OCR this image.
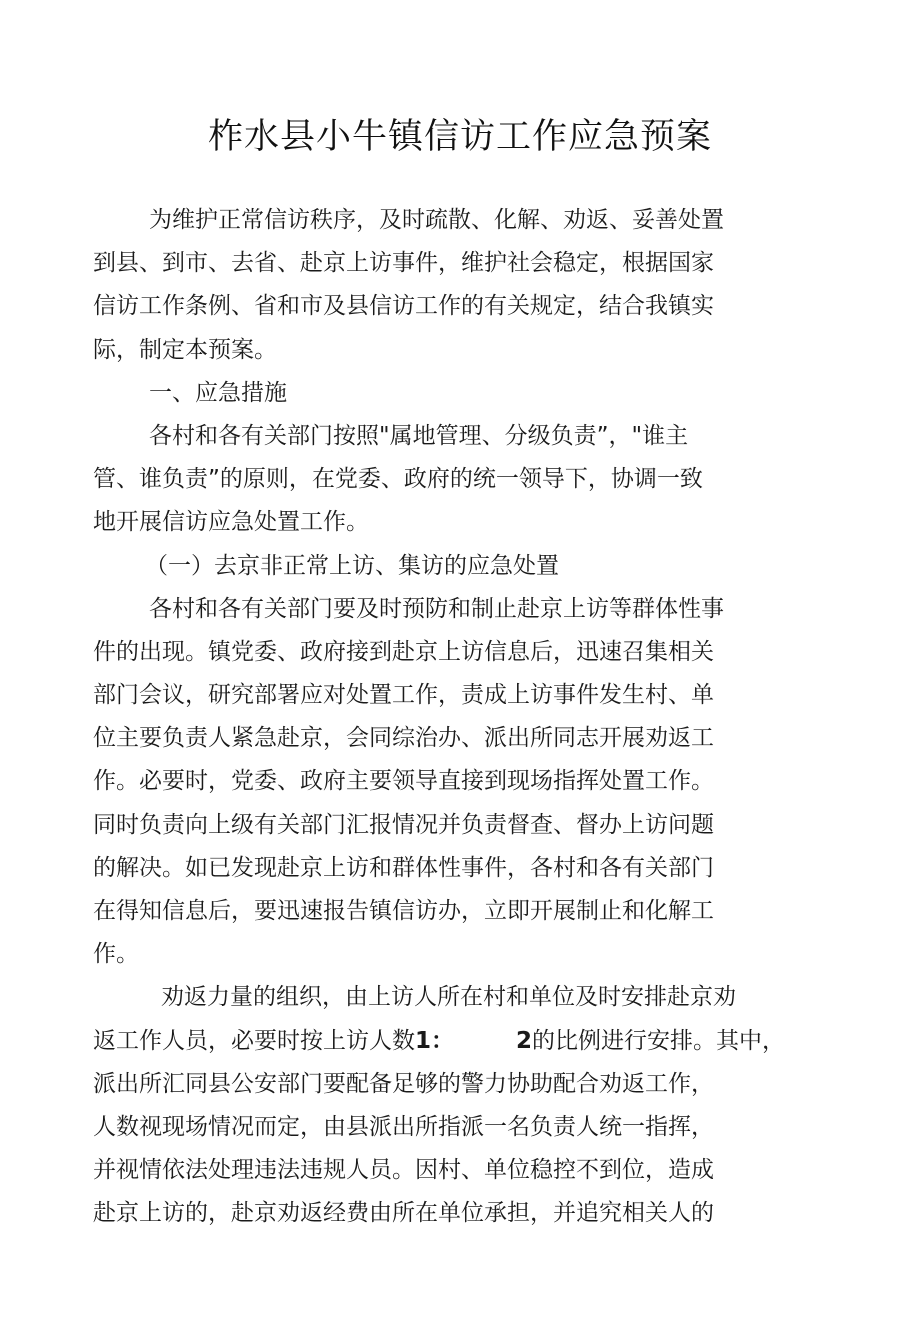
柞水县小牛镇信访工作应急预案
为维护正常信访秩序，及时疏散、化解、劝返、妥善处置
到县、到市、去省、赴京上访事件，维护社会稳定，根据国家
信访工作条例、省和市及县信访工作的有关规定，结合我镇实
际，制定本预案。
一、应急措施
各村和各有关部门按照"属地管理、分级负责”，"谁主
管、谁负责”的原则，在党委、政府的统一领导下，协调一致
地开展信访应急处置工作。
（一）去京非正常上访、集访的应急处置
各村和各有关部门要及时预防和制止赴京上访等群体性事
件的出现。镇党委、政府接到赴京上访信息后，迅速召集相关
部门会议，研究部署应对处置工作，责成上访事件发生村、单
位主要负责人紧急赴京，会同综治办、派出所同志开展劝返工
作。必要时，党委、政府主要领导直接到现场指挥处置工作。
同时负责向上级有关部门汇报情况并负责督查、督办上访问题
的解决。如已发现赴京上访和群体性事件，各村和各有关部门
在得知信息后，要迅速报告镇信访办，立即开展制止和化解工
作。
劝返力量的组织，由上访人所在村和单位及时安排赴京劝
返工作人员，必要时按上访人数1：	2的比例进行安排。其中，
派出所汇同县公安部门要配备足够的警力协助配合劝返工作，
人数视现场情况而定，由县派出所指派一名负责人统一指挥，
并视情依法处理违法违规人员。因村、单位稳控不到位，造成
赴京上访的，赴京劝返经费由所在单位承担，并追究相关人的
